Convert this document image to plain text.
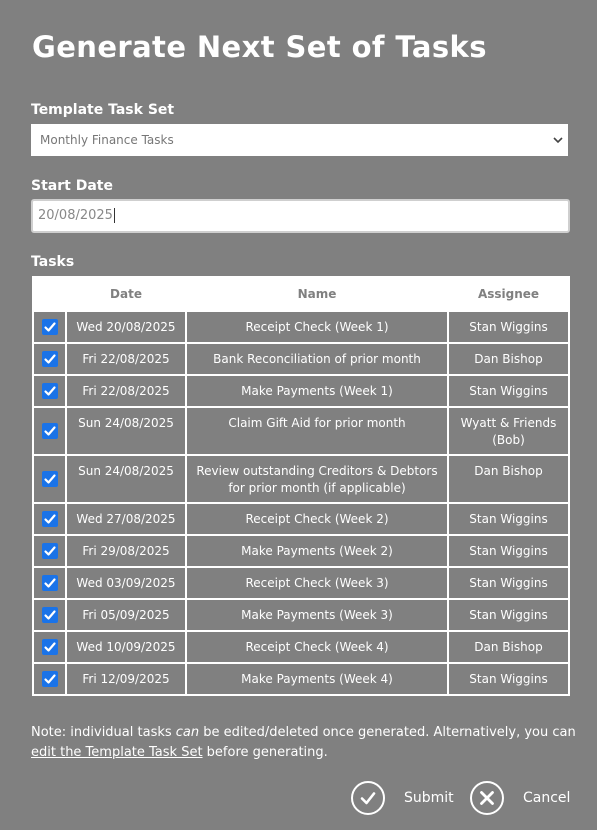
Generate Next Set of Tasks
Template Task Set
Monthly Finance Tasks
Start Date
20/08/2025
Tasks
	Date	Name	Assignee

	Wed 20/08/2025	Receipt Check (Week 1)	Stan Wiggins

	Fri 22/08/2025	Bank Reconciliation of prior month	Dan Bishop

	Fri 22/08/2025	Make Payments (Week 1)	Stan Wiggins

	Sun 24/08/2025	Claim Gift Aid for prior month	Wyatt & Friends (Bob)

	Sun 24/08/2025	Review outstanding Creditors & Debtors for prior month (if applicable)	Dan Bishop

	Wed 27/08/2025	Receipt Check (Week 2)	Stan Wiggins

	Fri 29/08/2025	Make Payments (Week 2)	Stan Wiggins

	Wed 03/09/2025	Receipt Check (Week 3)	Stan Wiggins

	Fri 05/09/2025	Make Payments (Week 3)	Stan Wiggins

	Wed 10/09/2025	Receipt Check (Week 4)	Dan Bishop

	Fri 12/09/2025	Make Payments (Week 4)	Stan Wiggins
Note: individual tasks can be edited/deleted once generated. Alternatively, you can edit the Template Task Set before generating.
Submit	Cancel
